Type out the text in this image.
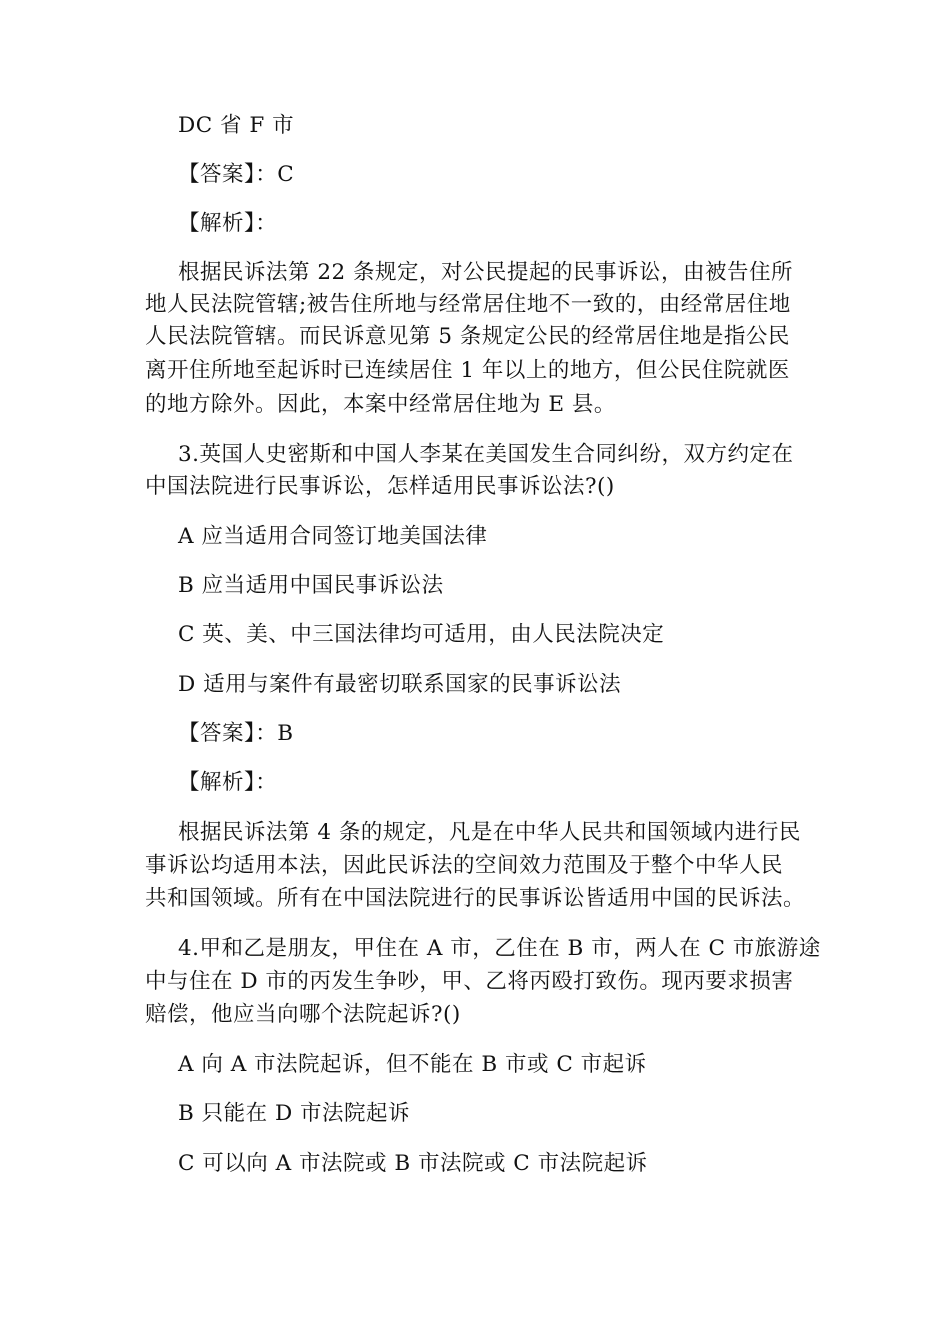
DC 省 F 市
【答案】：C
【解析】：
根据民诉法第 22 条规定，对公民提起的民事诉讼，由被告住所
地人民法院管辖;被告住所地与经常居住地不一致的，由经常居住地
人民法院管辖。而民诉意见第 5 条规定公民的经常居住地是指公民
离开住所地至起诉时已连续居住 1 年以上的地方，但公民住院就医
的地方除外。因此，本案中经常居住地为 E 县。
3.英国人史密斯和中国人李某在美国发生合同纠纷，双方约定在
中国法院进行民事诉讼，怎样适用民事诉讼法?()
A 应当适用合同签订地美国法律
B 应当适用中国民事诉讼法
C 英、美、中三国法律均可适用，由人民法院决定
D 适用与案件有最密切联系国家的民事诉讼法
【答案】：B
【解析】：
根据民诉法第 4 条的规定，凡是在中华人民共和国领域内进行民
事诉讼均适用本法，因此民诉法的空间效力范围及于整个中华人民
共和国领域。所有在中国法院进行的民事诉讼皆适用中国的民诉法。
4.甲和乙是朋友，甲住在 A 市，乙住在 B 市，两人在 C 市旅游途
中与住在 D 市的丙发生争吵，甲、乙将丙殴打致伤。现丙要求损害
赔偿，他应当向哪个法院起诉?()
A 向 A 市法院起诉，但不能在 B 市或 C 市起诉
B 只能在 D 市法院起诉
C 可以向 A 市法院或 B 市法院或 C 市法院起诉
